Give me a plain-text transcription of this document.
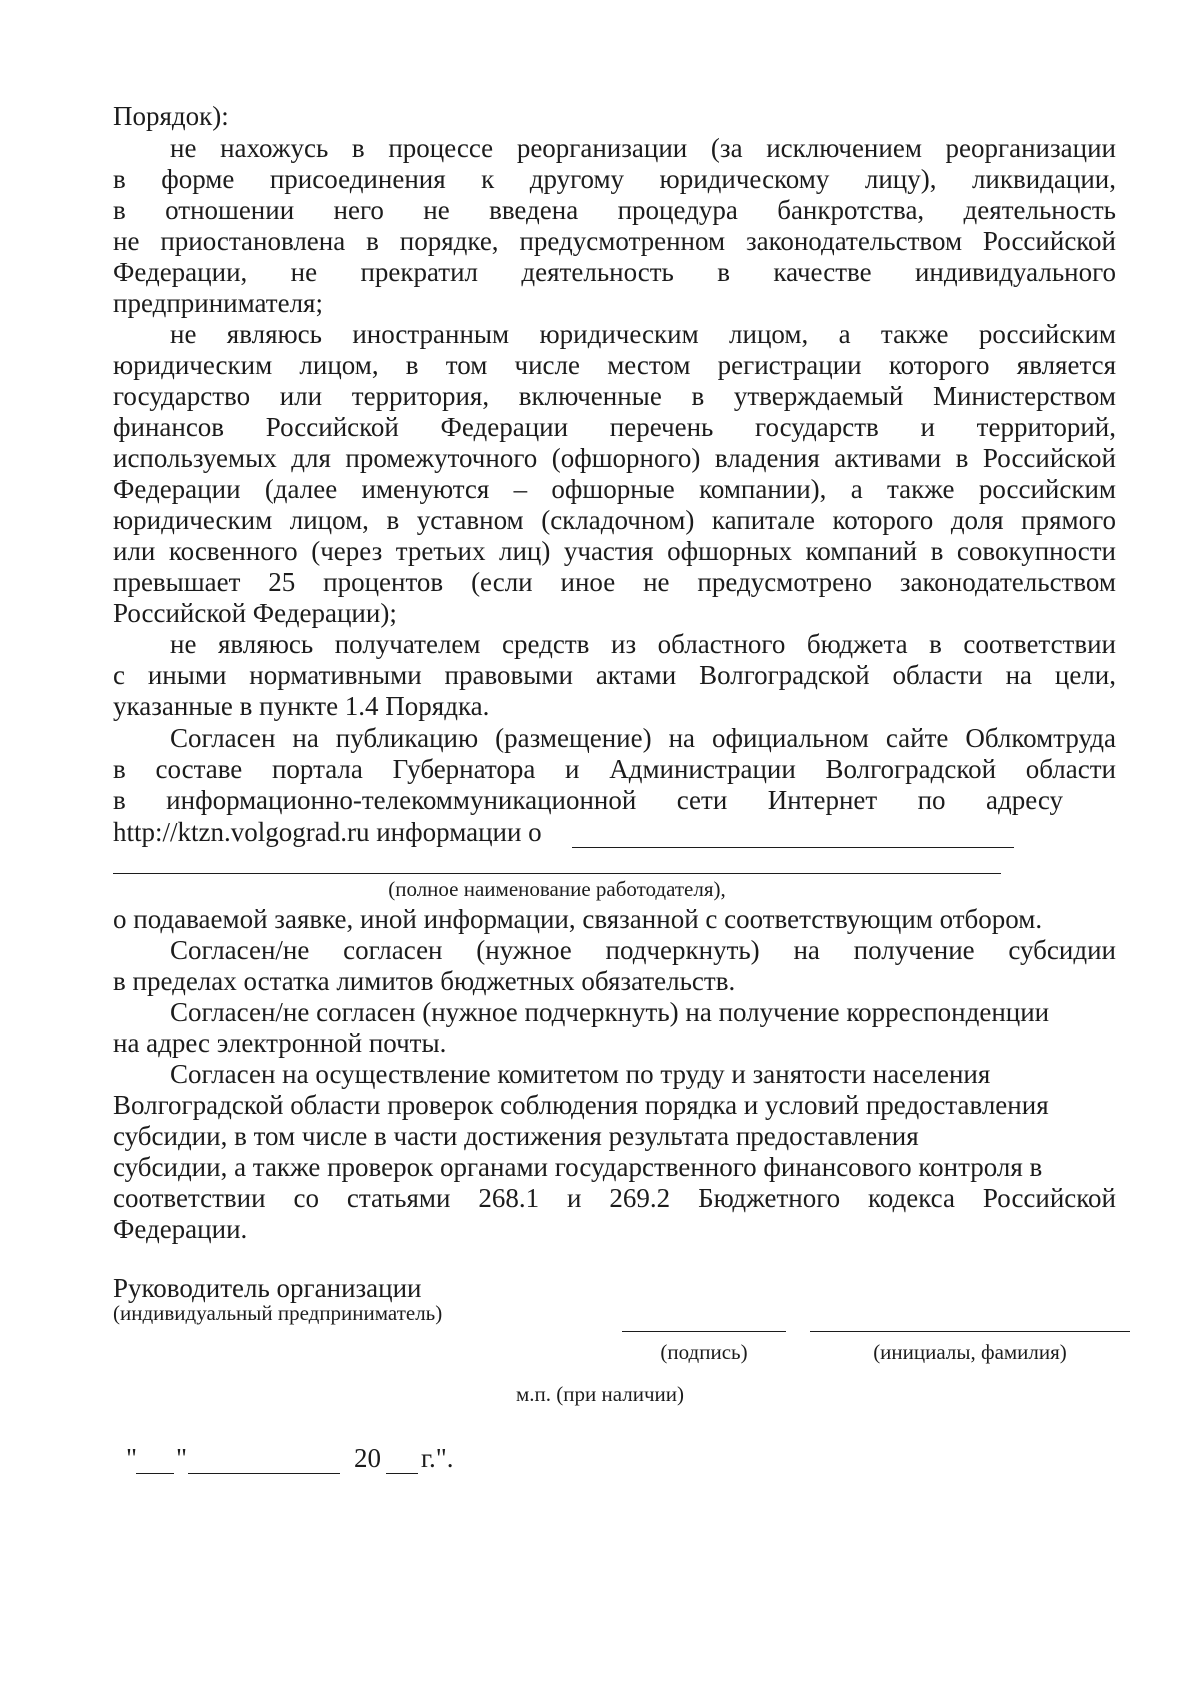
Порядок):
не нахожусь в процессе реорганизации (за исключением реорганизации
в форме присоединения к другому юридическому лицу), ликвидации,
в отношении него не введена процедура банкротства, деятельность
не приостановлена в порядке, предусмотренном законодательством Российской
Федерации, не прекратил деятельность в качестве индивидуального
предпринимателя;
не являюсь иностранным юридическим лицом, а также российским
юридическим лицом, в том числе местом регистрации которого является
государство или территория, включенные в утверждаемый Министерством
финансов Российской Федерации перечень государств и территорий,
используемых для промежуточного (офшорного) владения активами в Российской
Федерации (далее именуются – офшорные компании), а также российским
юридическим лицом, в уставном (складочном) капитале которого доля прямого
или косвенного (через третьих лиц) участия офшорных компаний в совокупности
превышает 25 процентов (если иное не предусмотрено законодательством
Российской Федерации);
не являюсь получателем средств из областного бюджета в соответствии
с иными нормативными правовыми актами Волгоградской области на цели,
указанные в пункте 1.4 Порядка.
Согласен на публикацию (размещение) на официальном сайте Облкомтруда
в составе портала Губернатора и Администрации Волгоградской области
в информационно-телекоммуникационной сети Интернет по адресу
http://ktzn.volgograd.ru информации о
(полное наименование работодателя),
о подаваемой заявке, иной информации, связанной с соответствующим отбором.
Согласен/не согласен (нужное подчеркнуть) на получение субсидии
в пределах остатка лимитов бюджетных обязательств.
Согласен/не согласен (нужное подчеркнуть) на получение корреспонденции
на адрес электронной почты.
Согласен на осуществление комитетом по труду и занятости населения
Волгоградской области проверок соблюдения порядка и условий предоставления
субсидии, в том числе в части достижения результата предоставления
субсидии, а также проверок органами государственного финансового контроля в
соответствии со статьями 268.1 и 269.2 Бюджетного кодекса Российской
Федерации.
Руководитель организации
(индивидуальный предприниматель)
(подпись)	(инициалы, фамилия)
м.п. (при наличии)
"	"	20	г.".
